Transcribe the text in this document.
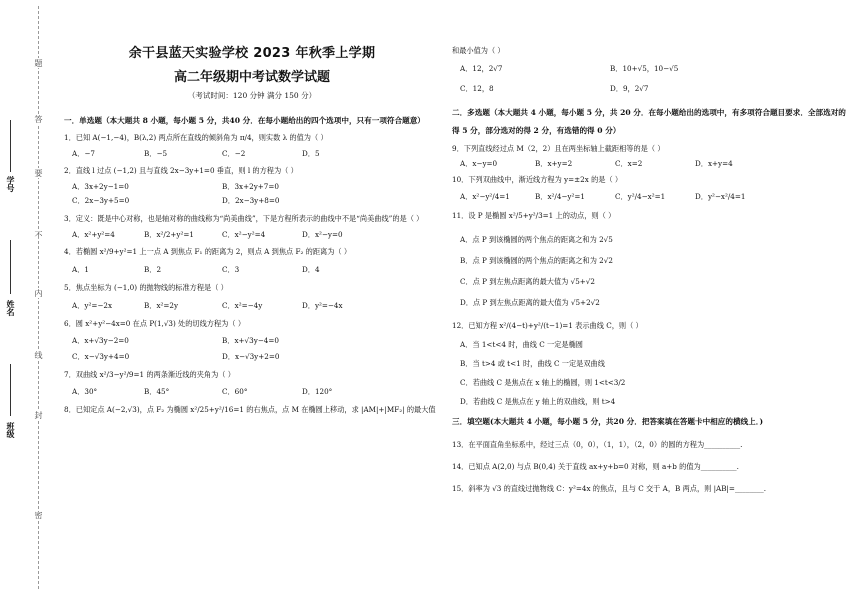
题
答
要
不
内
线
封
密
学号
姓名
班级
余干县蓝天实验学校 2023 年秋季上学期
高二年级期中考试数学试题
（考试时间：120 分钟 满分 150 分）
一．单选题（本大题共 8 小题，每小题 5 分，共40 分．在每小题给出的四个选项中，只有一项符合题意）
1．已知 A(−1,−4)，B(λ,2) 两点所在直线的倾斜角为 π/4，则实数 λ 的值为（ ）
A．−7	B．−5	C．−2	D．5
2．直线 l 过点 (−1,2) 且与直线 2x−3y+1=0 垂直，则 l 的方程为（ ）
A．3x+2y−1=0	B．3x+2y+7=0
C．2x−3y+5=0	D．2x−3y+8=0
3．定义：既是中心对称，也是轴对称的曲线称为“尚美曲线”，下是方程所表示的曲线中不是“尚美曲线”的是（ ）
A．x²+y²=4	B．x²/2+y²=1	C．x²−y²=4	D．x²−y=0
4．若椭圆 x²/9+y²=1 上一点 A 到焦点 F₁ 的距离为 2，则点 A 到焦点 F₂ 的距离为（ ）
A．1	B．2	C．3	D．4
5．焦点坐标为 (−1,0) 的抛物线的标准方程是（ ）
A．y²=−2x	B．x²=2y	C．x²=−4y	D．y²=−4x
6．圆 x²+y²−4x=0 在点 P(1,√3) 处的切线方程为（ ）
A．x+√3y−2=0	B．x+√3y−4=0
C．x−√3y+4=0	D．x−√3y+2=0
7．双曲线 x²/3−y²/9=1 的两条渐近线的夹角为（ ）
A．30°	B．45°	C．60°	D．120°
8．已知定点 A(−2,√3)，点 F₂ 为椭圆 x²/25+y²/16=1 的右焦点，点 M 在椭圆上移动，求 |AM|+|MF₂| 的最大值
和最小值为（ ）
A．12，2√7	B．10+√5，10−√5
C．12，8	D．9，2√7
二．多选题（本大题共 4 小题，每小题 5 分，共 20 分．在每小题给出的选项中，有多项符合题目要求．全部选对的得 5 分，部分选对的得 2 分，有选错的得 0 分）
9．下列直线经过点 M（2，2）且在两坐标轴上截距相等的是（ ）
A．x−y=0	B．x+y=2	C．x=2	D．x+y=4
10．下列双曲线中，渐近线方程为 y=±2x 的是（ ）
A．x²−y²/4=1	B．x²/4−y²=1	C．y²/4−x²=1	D．y²−x²/4=1
11．设 P 是椭圆 x²/5+y²/3=1 上的动点，则（ ）
A．点 P 到该椭圆的两个焦点的距离之和为 2√5
B．点 P 到该椭圆的两个焦点的距离之和为 2√2
C．点 P 到左焦点距离的最大值为 √5+√2
D．点 P 到左焦点距离的最大值为 √5+2√2
12．已知方程 x²/(4−t)+y²/(t−1)=1 表示曲线 C，则（ ）
A．当 1<t<4 时，曲线 C 一定是椭圆
B．当 t>4 或 t<1 时，曲线 C 一定是双曲线
C．若曲线 C 是焦点在 x 轴上的椭圆，则 1<t<3/2
D．若曲线 C 是焦点在 y 轴上的双曲线，则 t>4
三．填空题(本大题共 4 小题，每小题 5 分，共20 分．把答案填在答题卡中相应的横线上．)
13．在平面直角坐标系中，经过三点（0，0），（1，1），（2，0）的圆的方程为__________.
14．已知点 A(2,0) 与点 B(0,4) 关于直线 ax+y+b=0 对称，则 a+b 的值为__________.
15．斜率为 √3 的直线过抛物线 C：y²=4x 的焦点，且与 C 交于 A，B 两点，则 |AB|=________.
